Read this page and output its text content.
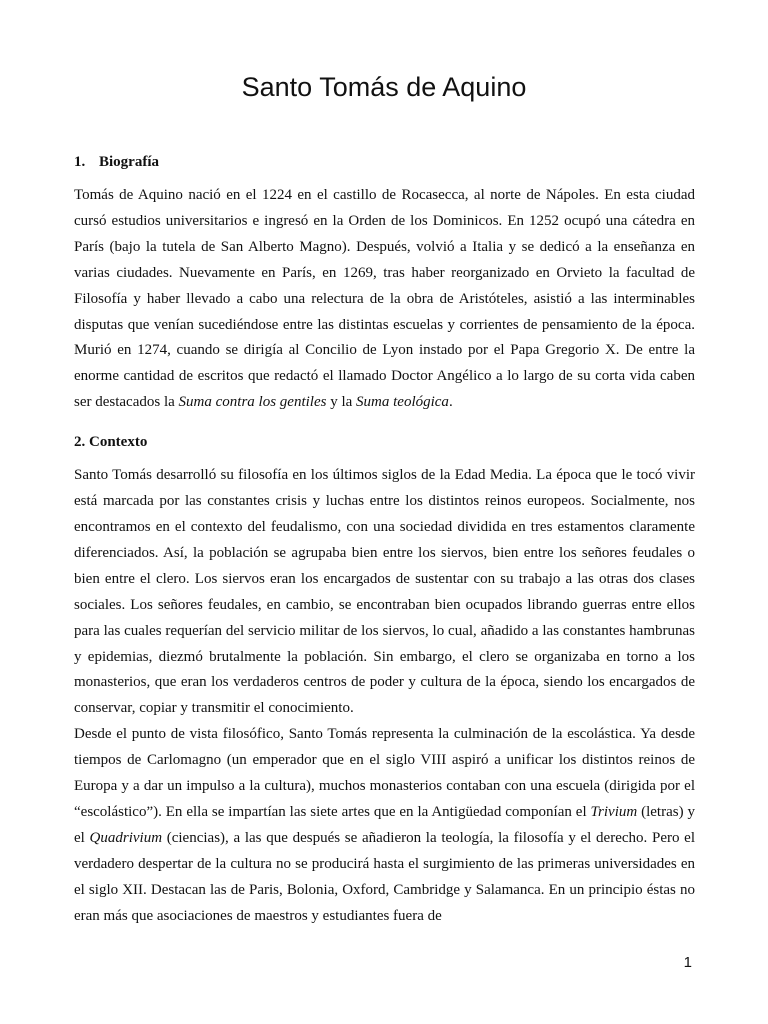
Santo Tomás de Aquino
1. Biografía

Tomás de Aquino nació en el 1224 en el castillo de Rocasecca, al norte de Nápoles. En esta ciudad cursó estudios universitarios e ingresó en la Orden de los Dominicos. En 1252 ocupó una cátedra en París (bajo la tutela de San Alberto Magno). Después, volvió a Italia y se dedicó a la enseñanza en varias ciudades. Nuevamente en París, en 1269, tras haber reorganizado en Orvieto la facultad de Filosofía y haber llevado a cabo una relectura de la obra de Aristóteles, asistió a las interminables disputas que venían sucediéndose entre las distintas escuelas y corrientes de pensamiento de la época. Murió en 1274, cuando se dirigía al Concilio de Lyon instado por el Papa Gregorio X. De entre la enorme cantidad de escritos que redactó el llamado Doctor Angélico a lo largo de su corta vida caben ser destacados la Suma contra los gentiles y la Suma teológica.

2. Contexto

Santo Tomás desarrolló su filosofía en los últimos siglos de la Edad Media. La época que le tocó vivir está marcada por las constantes crisis y luchas entre los distintos reinos europeos. Socialmente, nos encontramos en el contexto del feudalismo, con una sociedad dividida en tres estamentos claramente diferenciados. Así, la población se agrupaba bien entre los siervos, bien entre los señores feudales o bien entre el clero. Los siervos eran los encargados de sustentar con su trabajo a las otras dos clases sociales. Los señores feudales, en cambio, se encontraban bien ocupados librando guerras entre ellos para las cuales requerían del servicio militar de los siervos, lo cual, añadido a las constantes hambrunas y epidemias, diezmó brutalmente la población. Sin embargo, el clero se organizaba en torno a los monasterios, que eran los verdaderos centros de poder y cultura de la época, siendo los encargados de conservar, copiar y transmitir el conocimiento.

Desde el punto de vista filosófico, Santo Tomás representa la culminación de la escolástica. Ya desde tiempos de Carlomagno (un emperador que en el siglo VIII aspiró a unificar los distintos reinos de Europa y a dar un impulso a la cultura), muchos monasterios contaban con una escuela (dirigida por el “escolástico”). En ella se impartían las siete artes que en la Antigüedad componían el Trivium (letras) y el Quadrivium (ciencias), a las que después se añadieron la teología, la filosofía y el derecho. Pero el verdadero despertar de la cultura no se producirá hasta el surgimiento de las primeras universidades en el siglo XII. Destacan las de Paris, Bolonia, Oxford, Cambridge y Salamanca. En un principio éstas no eran más que asociaciones de maestros y estudiantes fuera de

1
